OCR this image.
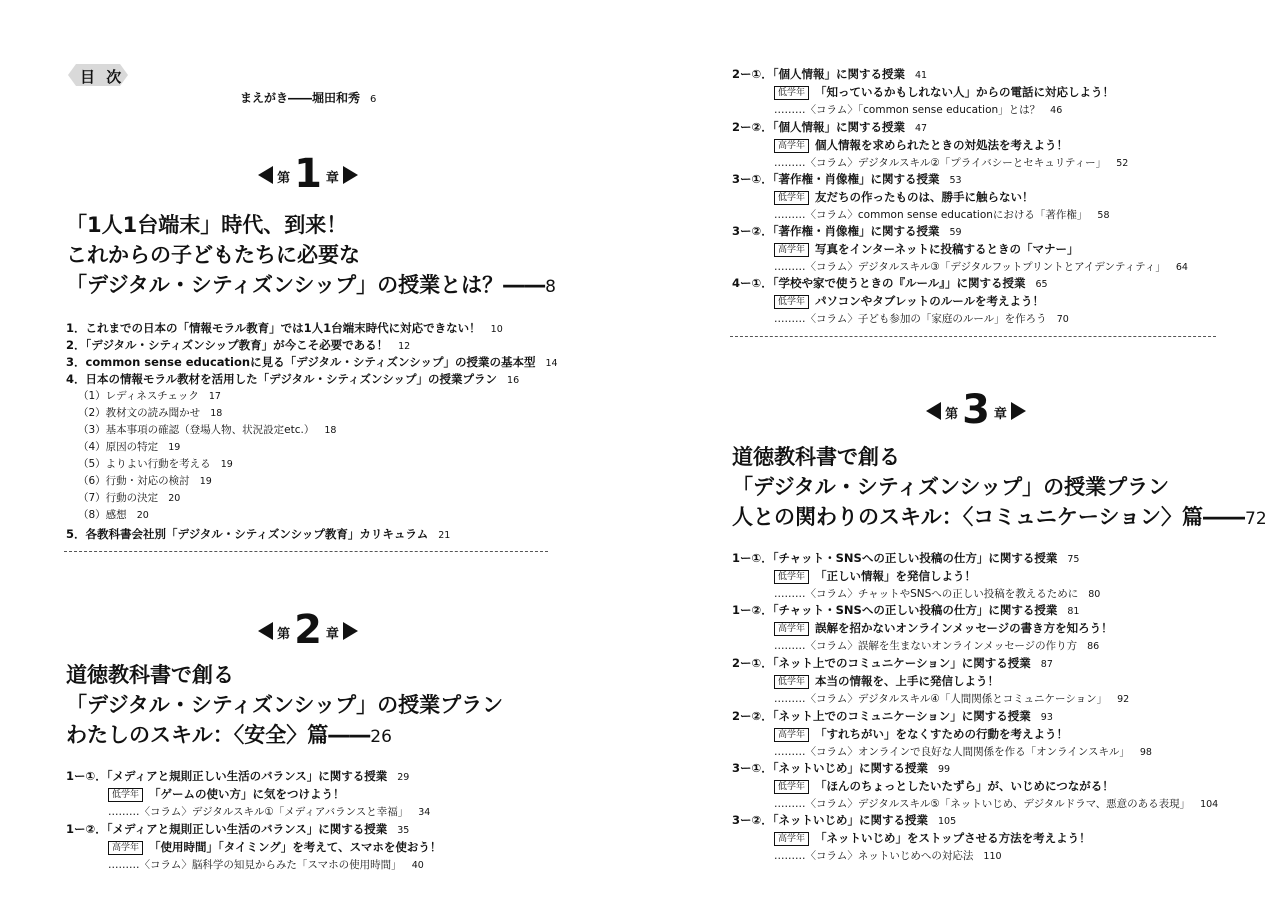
目 次
まえがき――堀田和秀 6
第 1 章
「1人1台端末」時代、到来！
これからの子どもたちに必要な
「デジタル・シティズンシップ」の授業とは？――8
1．これまでの日本の「情報モラル教育」では1人1台端末時代に対応できない！ 10
2．「デジタル・シティズンシップ教育」が今こそ必要である！ 12
3．common sense educationに見る「デジタル・シティズンシップ」の授業の基本型 14
4．日本の情報モラル教材を活用した「デジタル・シティズンシップ」の授業プラン 16
（1）レディネスチェック 17
（2）教材文の読み聞かせ 18
（3）基本事項の確認（登場人物、状況設定etc.） 18
（4）原因の特定 19
（5）よりよい行動を考える 19
（6）行動・対応の検討 19
（7）行動の決定 20
（8）感想 20
5．各教科書会社別「デジタル・シティズンシップ教育」カリキュラム 21
第 2 章
道徳教科書で創る
「デジタル・シティズンシップ」の授業プラン
わたしのスキル：〈安全〉篇――26
1ー①．「メディアと規則正しい生活のバランス」に関する授業 29
低学年 「ゲームの使い方」に気をつけよう！
………〈コラム〉デジタルスキル①「メディアバランスと幸福」 34
1ー②．「メディアと規則正しい生活のバランス」に関する授業 35
高学年 「使用時間」「タイミング」を考えて、スマホを使おう！
………〈コラム〉脳科学の知見からみた「スマホの使用時間」 40
2ー①．「個人情報」に関する授業 41
低学年 「知っているかもしれない人」からの電話に対応しよう！
………〈コラム〉「common sense education」とは？ 46
2ー②．「個人情報」に関する授業 47
高学年 個人情報を求められたときの対処法を考えよう！
………〈コラム〉デジタルスキル②「プライバシーとセキュリティー」 52
3ー①．「著作権・肖像権」に関する授業 53
低学年 友だちの作ったものは、勝手に触らない！
………〈コラム〉common sense educationにおける「著作権」 58
3ー②．「著作権・肖像権」に関する授業 59
高学年 写真をインターネットに投稿するときの「マナー」
………〈コラム〉デジタルスキル③「デジタルフットプリントとアイデンティティ」 64
4ー①．「学校や家で使うときの『ルール』」に関する授業 65
低学年 パソコンやタブレットのルールを考えよう！
………〈コラム〉子ども参加の「家庭のルール」を作ろう 70
第 3 章
道徳教科書で創る
「デジタル・シティズンシップ」の授業プラン
人との関わりのスキル：〈コミュニケーション〉篇――72
1ー①．「チャット・SNSへの正しい投稿の仕方」に関する授業 75
低学年 「正しい情報」を発信しよう！
………〈コラム〉チャットやSNSへの正しい投稿を教えるために 80
1ー②．「チャット・SNSへの正しい投稿の仕方」に関する授業 81
高学年 誤解を招かないオンラインメッセージの書き方を知ろう！
………〈コラム〉誤解を生まないオンラインメッセージの作り方 86
2ー①．「ネット上でのコミュニケーション」に関する授業 87
低学年 本当の情報を、上手に発信しよう！
………〈コラム〉デジタルスキル④「人間関係とコミュニケーション」 92
2ー②．「ネット上でのコミュニケーション」に関する授業 93
高学年 「すれちがい」をなくすための行動を考えよう！
………〈コラム〉オンラインで良好な人間関係を作る「オンラインスキル」 98
3ー①．「ネットいじめ」に関する授業 99
低学年 「ほんのちょっとしたいたずら」が、いじめにつながる！
………〈コラム〉デジタルスキル⑤「ネットいじめ、デジタルドラマ、悪意のある表現」 104
3ー②．「ネットいじめ」に関する授業 105
高学年 「ネットいじめ」をストップさせる方法を考えよう！
………〈コラム〉ネットいじめへの対応法 110
